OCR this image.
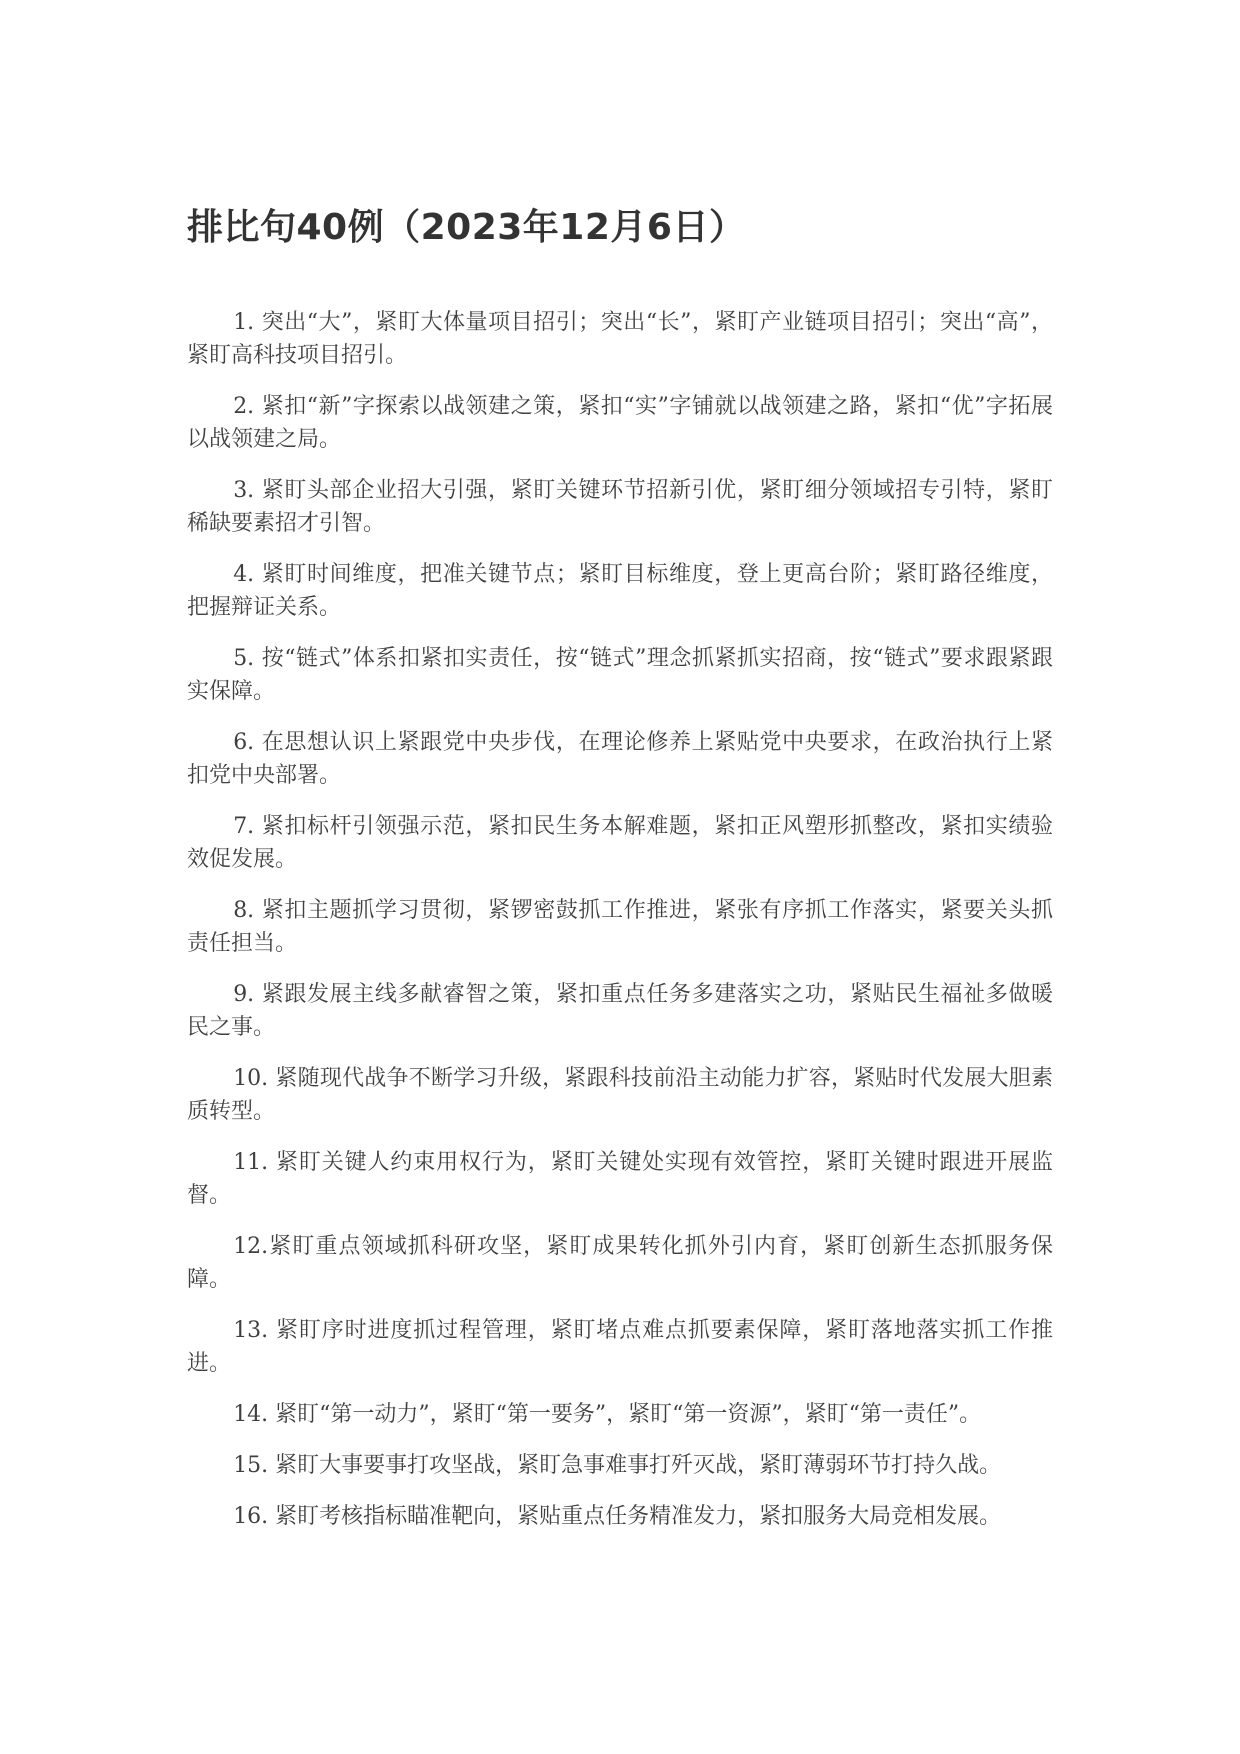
排比句40例（2023年12月6日）

1. 突出“大”，紧盯大体量项目招引；突出“长”，紧盯产业链项目招引；突出“高”，紧盯高科技项目招引。

2. 紧扣“新”字探索以战领建之策，紧扣“实”字铺就以战领建之路，紧扣“优”字拓展以战领建之局。

3. 紧盯头部企业招大引强，紧盯关键环节招新引优，紧盯细分领域招专引特，紧盯稀缺要素招才引智。

4. 紧盯时间维度，把准关键节点；紧盯目标维度，登上更高台阶；紧盯路径维度，把握辩证关系。

5. 按“链式”体系扣紧扣实责任，按“链式”理念抓紧抓实招商，按“链式”要求跟紧跟实保障。

6. 在思想认识上紧跟党中央步伐，在理论修养上紧贴党中央要求，在政治执行上紧扣党中央部署。

7. 紧扣标杆引领强示范，紧扣民生务本解难题，紧扣正风塑形抓整改，紧扣实绩验效促发展。

8. 紧扣主题抓学习贯彻，紧锣密鼓抓工作推进，紧张有序抓工作落实，紧要关头抓责任担当。

9. 紧跟发展主线多献睿智之策，紧扣重点任务多建落实之功，紧贴民生福祉多做暖民之事。

10. 紧随现代战争不断学习升级，紧跟科技前沿主动能力扩容，紧贴时代发展大胆素质转型。

11. 紧盯关键人约束用权行为，紧盯关键处实现有效管控，紧盯关键时跟进开展监督。

12.紧盯重点领域抓科研攻坚，紧盯成果转化抓外引内育，紧盯创新生态抓服务保障。

13. 紧盯序时进度抓过程管理，紧盯堵点难点抓要素保障，紧盯落地落实抓工作推进。

14. 紧盯“第一动力”，紧盯“第一要务”，紧盯“第一资源”，紧盯“第一责任”。

15. 紧盯大事要事打攻坚战，紧盯急事难事打歼灭战，紧盯薄弱环节打持久战。

16. 紧盯考核指标瞄准靶向，紧贴重点任务精准发力，紧扣服务大局竞相发展。
